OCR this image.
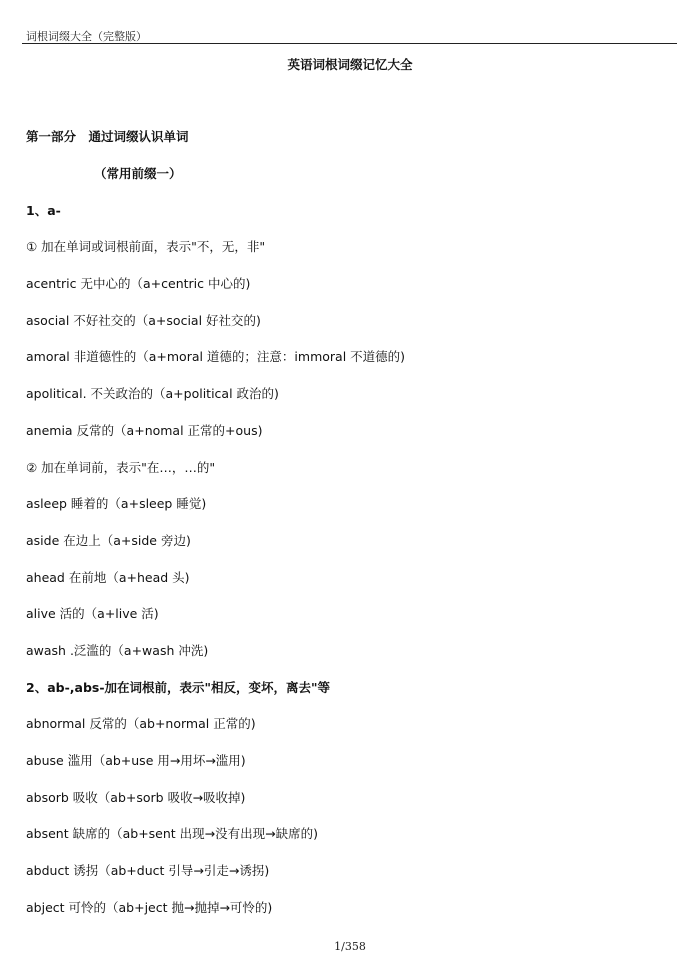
词根词缀大全（完整版）
英语词根词缀记忆大全
第一部分　通过词缀认识单词
（常用前缀一）
1、a-
① 加在单词或词根前面，表示"不，无，非"
acentric 无中心的（a+centric 中心的)
asocial 不好社交的（a+social 好社交的)
amoral 非道德性的（a+moral 道德的；注意：immoral 不道德的)
apolitical. 不关政治的（a+political 政治的)
anemia 反常的（a+nomal 正常的+ous)
② 加在单词前，表示"在…，…的"
asleep 睡着的（a+sleep 睡觉)
aside 在边上（a+side 旁边)
ahead 在前地（a+head 头)
alive 活的（a+live 活)
awash .泛滥的（a+wash 冲洗)
2、ab-,abs-加在词根前，表示"相反，变坏，离去"等
abnormal 反常的（ab+normal 正常的)
abuse 滥用（ab+use 用→用坏→滥用)
absorb 吸收（ab+sorb 吸收→吸收掉)
absent 缺席的（ab+sent 出现→没有出现→缺席的)
abduct 诱拐（ab+duct 引导→引走→诱拐)
abject 可怜的（ab+ject 抛→抛掉→可怜的)
1/358
